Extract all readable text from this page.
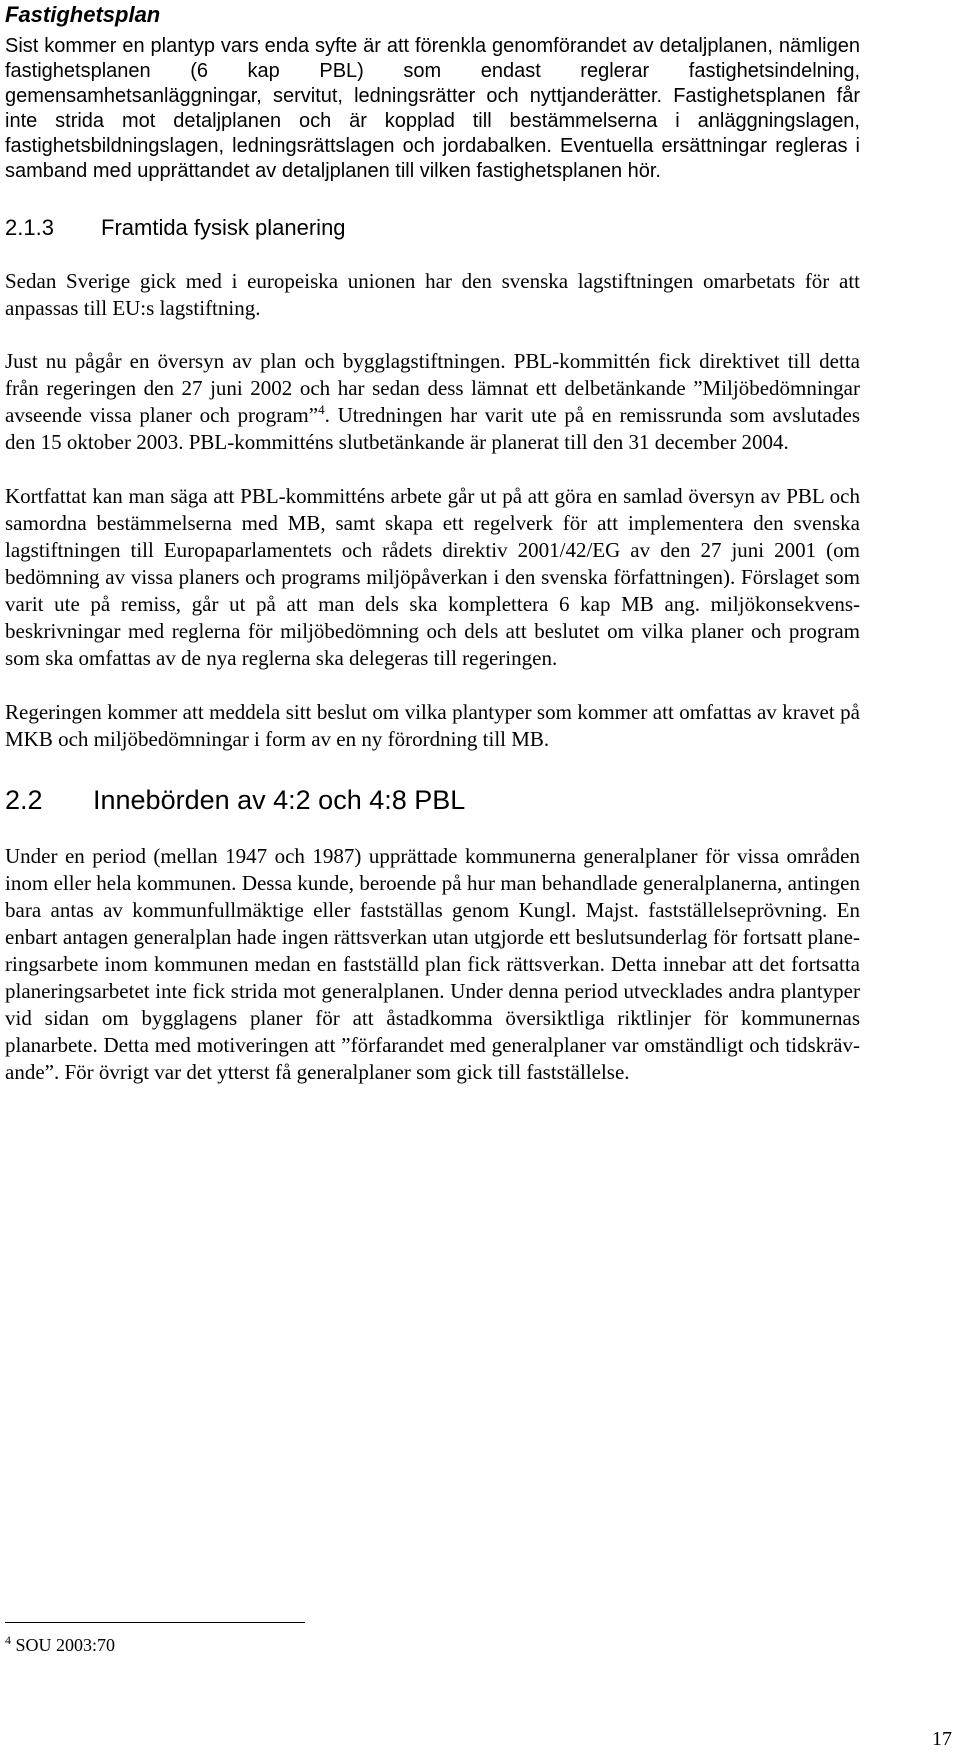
Fastighetsplan

Sist kommer en plantyp vars enda syfte är att förenkla genomförandet av detaljplanen, nämligen fastighetsplanen (6 kap PBL) som endast reglerar fastighetsindelning, gemensamhetsanläggningar, servitut, ledningsrätter och nyttjanderätter. Fastighetsplanen får inte strida mot detaljplanen och är kopplad till bestämmelserna i anläggningslagen, fastighetsbildningslagen, ledningsrättslagen och jordabalken. Eventuella ersättningar regleras i samband med upprättandet av detaljplanen till vilken fastighetsplanen hör.

2.1.3	Framtida fysisk planering

Sedan Sverige gick med i europeiska unionen har den svenska lagstiftningen omarbetats för att anpassas till EU:s lagstiftning.

Just nu pågår en översyn av plan och bygglagstiftningen. PBL-kommittén fick direktivet till detta från regeringen den 27 juni 2002 och har sedan dess lämnat ett delbetänkande ”Miljöbedömningar avseende vissa planer och program”$^4$. Utredningen har varit ute på en remissrunda som avslutades den 15 oktober 2003. PBL-kommitténs slutbetänkande är planerat till den 31 december 2004.

Kortfattat kan man säga att PBL-kommitténs arbete går ut på att göra en samlad översyn av PBL och samordna bestämmelserna med MB, samt skapa ett regelverk för att implementera den svenska lagstiftningen till Europaparlamentets och rådets direktiv 2001/42/EG av den 27 juni 2001 (om bedömning av vissa planers och programs miljöpåverkan i den svenska författningen). Förslaget som varit ute på remiss, går ut på att man dels ska komplettera 6 kap MB ang. miljökonsekvensbeskrivningar med reglerna för miljöbedömning och dels att beslutet om vilka planer och program som ska omfattas av de nya reglerna ska delegeras till regeringen.

Regeringen kommer att meddela sitt beslut om vilka plantyper som kommer att omfattas av kravet på MKB och miljöbedömningar i form av en ny förordning till MB.

2.2	Innebörden av 4:2 och 4:8 PBL

Under en period (mellan 1947 och 1987) upprättade kommunerna generalplaner för vissa områden inom eller hela kommunen. Dessa kunde, beroende på hur man behandlade generalplanerna, antingen bara antas av kommunfullmäktige eller fastställas genom Kungl. Majst. fastställelseprövning. En enbart antagen generalplan hade ingen rättsverkan utan utgjorde ett beslutsunderlag för fortsatt planeringsarbete inom kommunen medan en fastställd plan fick rättsverkan. Detta innebar att det fortsatta planeringsarbetet inte fick strida mot generalplanen. Under denna period utvecklades andra plantyper vid sidan om bygglagens planer för att åstadkomma översiktliga riktlinjer för kommunernas planarbete. Detta med motiveringen att ”förfarandet med generalplaner var omständligt och tidskräv-ande”. För övrigt var det ytterst få generalplaner som gick till fastställelse.

$^4$ SOU 2003:70
17
